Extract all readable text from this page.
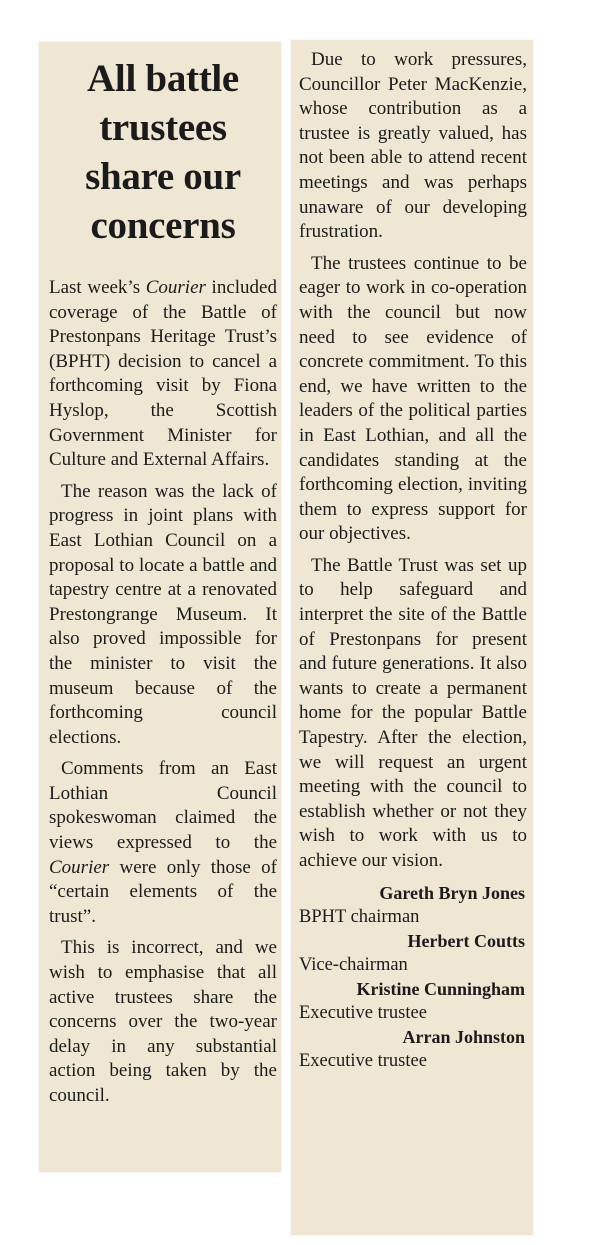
All battle
trustees
share our
concerns

Last week’s Courier included coverage of the Battle of Prestonpans Heritage Trust’s (BPHT) decision to cancel a forthcoming visit by Fiona Hyslop, the Scottish Government Minister for Culture and External Affairs.

The reason was the lack of progress in joint plans with East Lothian Council on a proposal to locate a battle and tapestry centre at a renovated Prestongrange Museum. It also proved impossible for the minister to visit the museum because of the forthcoming council elections.

Comments from an East Lothian Council spokeswoman claimed the views expressed to the Courier were only those of “certain elements of the trust”.

This is incorrect, and we wish to emphasise that all active trustees share the concerns over the two-year delay in any substantial action being taken by the council.

Due to work pressures, Councillor Peter MacKenzie, whose contribution as a trustee is greatly valued, has not been able to attend recent meetings and was perhaps unaware of our developing frustration.

The trustees continue to be eager to work in co-operation with the council but now need to see evidence of concrete commitment. To this end, we have written to the leaders of the political parties in East Lothian, and all the candidates standing at the forthcoming election, inviting them to express support for our objectives.

The Battle Trust was set up to help safeguard and interpret the site of the Battle of Prestonpans for present and future generations. It also wants to create a permanent home for the popular Battle Tapestry. After the election, we will request an urgent meeting with the council to establish whether or not they wish to work with us to achieve our vision.

Gareth Bryn Jones
BPHT chairman
Herbert Coutts
Vice-chairman
Kristine Cunningham
Executive trustee
Arran Johnston
Executive trustee
